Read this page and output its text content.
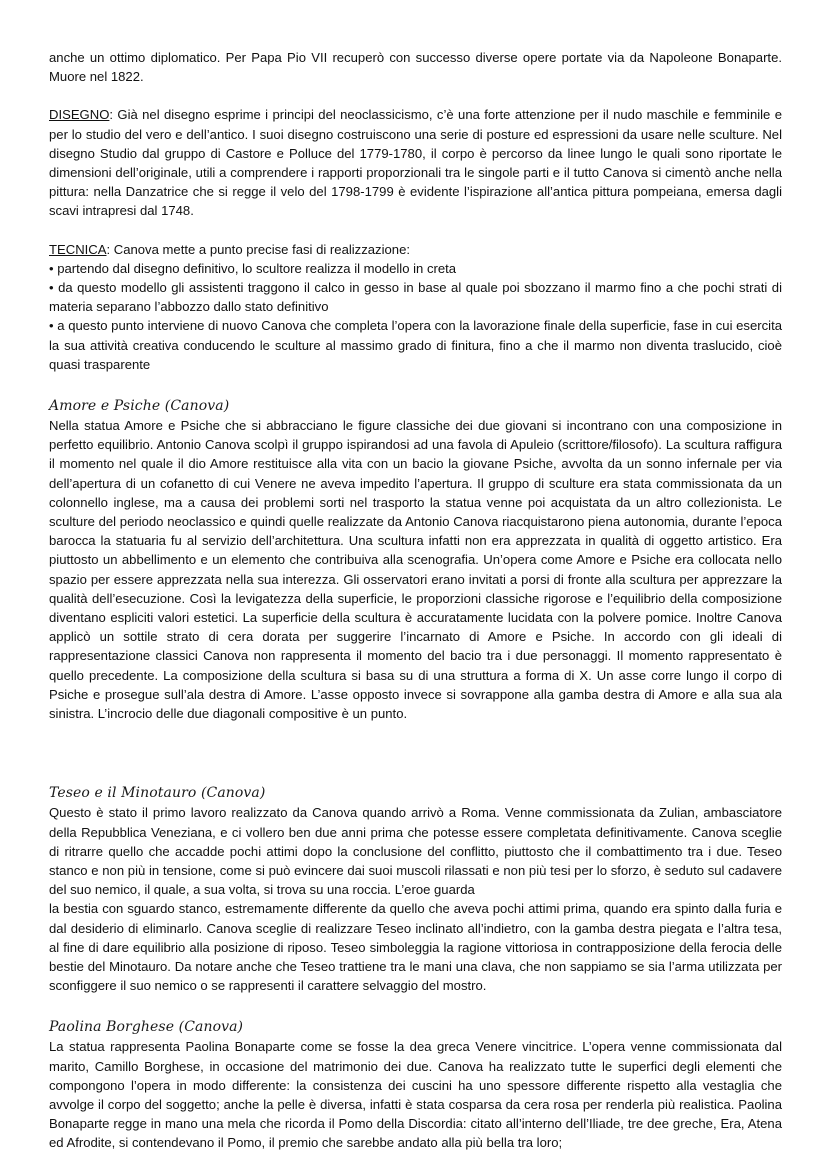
anche un ottimo diplomatico. Per Papa Pio VII recuperò con successo diverse opere portate via da Napoleone Bonaparte. Muore nel 1822.

DISEGNO: Già nel disegno esprime i principi del neoclassicismo, c’è una forte attenzione per il nudo maschile e femminile e per lo studio del vero e dell’antico. I suoi disegno costruiscono una serie di posture ed espressioni da usare nelle sculture. Nel disegno Studio dal gruppo di Castore e Polluce del 1779-1780, il corpo è percorso da linee lungo le quali sono riportate le dimensioni dell’originale, utili a comprendere i rapporti proporzionali tra le singole parti e il tutto Canova si cimentò anche nella pittura: nella Danzatrice che si regge il velo del 1798-1799 è evidente l’ispirazione all’antica pittura pompeiana, emersa dagli scavi intrapresi dal 1748.

TECNICA: Canova mette a punto precise fasi di realizzazione:

• partendo dal disegno definitivo, lo scultore realizza il modello in creta
• da questo modello gli assistenti traggono il calco in gesso in base al quale poi sbozzano il marmo fino a che pochi strati di materia separano l’abbozzo dallo stato definitivo
• a questo punto interviene di nuovo Canova che completa l’opera con la lavorazione finale della superficie, fase in cui esercita la sua attività creativa conducendo le sculture al massimo grado di finitura, fino a che il marmo non diventa traslucido, cioè quasi trasparente

Amore e Psiche (Canova)

Nella statua Amore e Psiche che si abbracciano le figure classiche dei due giovani si incontrano con una composizione in perfetto equilibrio. Antonio Canova scolpì il gruppo ispirandosi ad una favola di Apuleio (scrittore/filosofo). La scultura raffigura il momento nel quale il dio Amore restituisce alla vita con un bacio la giovane Psiche, avvolta da un sonno infernale per via dell’apertura di un cofanetto di cui Venere ne aveva impedito l’apertura. Il gruppo di sculture era stata commissionata da un colonnello inglese, ma a causa dei problemi sorti nel trasporto la statua venne poi acquistata da un altro collezionista. Le sculture del periodo neoclassico e quindi quelle realizzate da Antonio Canova riacquistarono piena autonomia, durante l’epoca barocca la statuaria fu al servizio dell’architettura. Una scultura infatti non era apprezzata in qualità di oggetto artistico. Era piuttosto un abbellimento e un elemento che contribuiva alla scenografia. Un’opera come Amore e Psiche era collocata nello spazio per essere apprezzata nella sua interezza. Gli osservatori erano invitati a porsi di fronte alla scultura per apprezzare la qualità dell’esecuzione. Così la levigatezza della superficie, le proporzioni classiche rigorose e l’equilibrio della composizione diventano espliciti valori estetici. La superficie della scultura è accuratamente lucidata con la polvere pomice. Inoltre Canova applicò un sottile strato di cera dorata per suggerire l’incarnato di Amore e Psiche. In accordo con gli ideali di rappresentazione classici Canova non rappresenta il momento del bacio tra i due personaggi. Il momento rappresentato è quello precedente. La composizione della scultura si basa su di una struttura a forma di X. Un asse corre lungo il corpo di Psiche e prosegue sull’ala destra di Amore. L’asse opposto invece si sovrappone alla gamba destra di Amore e alla sua ala sinistra. L’incrocio delle due diagonali compositive è un punto.

Teseo e il Minotauro (Canova)

Questo è stato il primo lavoro realizzato da Canova quando arrivò a Roma. Venne commissionata da Zulian, ambasciatore della Repubblica Veneziana, e ci vollero ben due anni prima che potesse essere completata definitivamente. Canova sceglie di ritrarre quello che accadde pochi attimi dopo la conclusione del conflitto, piuttosto che il combattimento tra i due. Teseo stanco e non più in tensione, come si può evincere dai suoi muscoli rilassati e non più tesi per lo sforzo, è seduto sul cadavere del suo nemico, il quale, a sua volta, si trova su una roccia. L’eroe guarda

la bestia con sguardo stanco, estremamente differente da quello che aveva pochi attimi prima, quando era spinto dalla furia e dal desiderio di eliminarlo. Canova sceglie di realizzare Teseo inclinato all’indietro, con la gamba destra piegata e l’altra tesa, al fine di dare equilibrio alla posizione di riposo. Teseo simboleggia la ragione vittoriosa in contrapposizione della ferocia delle bestie del Minotauro. Da notare anche che Teseo trattiene tra le mani una clava, che non sappiamo se sia l’arma utilizzata per sconfiggere il suo nemico o se rappresenti il carattere selvaggio del mostro.

Paolina Borghese (Canova)

La statua rappresenta Paolina Bonaparte come se fosse la dea greca Venere vincitrice. L’opera venne commissionata dal marito, Camillo Borghese, in occasione del matrimonio dei due. Canova ha realizzato tutte le superfici degli elementi che compongono l’opera in modo differente: la consistenza dei cuscini ha uno spessore differente rispetto alla vestaglia che avvolge il corpo del soggetto; anche la pelle è diversa, infatti è stata cosparsa da cera rosa per renderla più realistica. Paolina Bonaparte regge in mano una mela che ricorda il Pomo della Discordia: citato all’interno dell’Iliade, tre dee greche, Era, Atena ed Afrodite, si contendevano il Pomo, il premio che sarebbe andato alla più bella tra loro;
